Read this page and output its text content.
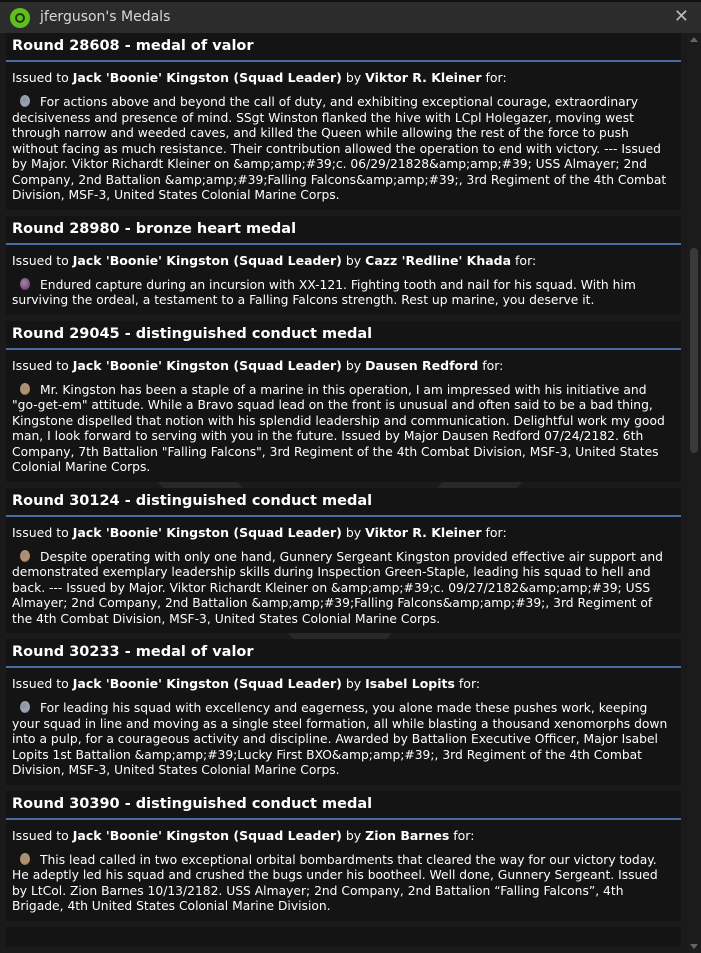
jferguson's Medals	✕
Round 28608 - medal of valor
Issued to Jack 'Boonie' Kingston (Squad Leader) by Viktor R. Kleiner for:
For actions above and beyond the call of duty, and exhibiting exceptional courage, extraordinary decisiveness and presence of mind. SSgt Winston flanked the hive with LCpl Holegazer, moving west through narrow and weeded caves, and killed the Queen while allowing the rest of the force to push without facing as much resistance. Their contribution allowed the operation to end with victory. --- Issued by Major. Viktor Richardt Kleiner on &amp;amp;#39;c. 06/29/21828&amp;amp;#39; USS Almayer; 2nd Company, 2nd Battalion &amp;amp;#39;Falling Falcons&amp;amp;#39;, 3rd Regiment of the 4th Combat Division, MSF-3, United States Colonial Marine Corps.
Round 28980 - bronze heart medal
Issued to Jack 'Boonie' Kingston (Squad Leader) by Cazz 'Redline' Khada for:
Endured capture during an incursion with XX-121. Fighting tooth and nail for his squad. With him surviving the ordeal, a testament to a Falling Falcons strength. Rest up marine, you deserve it.
Round 29045 - distinguished conduct medal
Issued to Jack 'Boonie' Kingston (Squad Leader) by Dausen Redford for:
Mr. Kingston has been a staple of a marine in this operation, I am impressed with his initiative and "go-get-em" attitude. While a Bravo squad lead on the front is unusual and often said to be a bad thing, Kingstone dispelled that notion with his splendid leadership and communication. Delightful work my good man, I look forward to serving with you in the future. Issued by Major Dausen Redford 07/24/2182. 6th Company, 7th Battalion "Falling Falcons", 3rd Regiment of the 4th Combat Division, MSF-3, United States Colonial Marine Corps.
Round 30124 - distinguished conduct medal
Issued to Jack 'Boonie' Kingston (Squad Leader) by Viktor R. Kleiner for:
Despite operating with only one hand, Gunnery Sergeant Kingston provided effective air support and demonstrated exemplary leadership skills during Inspection Green-Staple, leading his squad to hell and back. --- Issued by Major. Viktor Richardt Kleiner on &amp;amp;#39;c. 09/27/2182&amp;amp;#39; USS Almayer; 2nd Company, 2nd Battalion &amp;amp;#39;Falling Falcons&amp;amp;#39;, 3rd Regiment of the 4th Combat Division, MSF-3, United States Colonial Marine Corps.
Round 30233 - medal of valor
Issued to Jack 'Boonie' Kingston (Squad Leader) by Isabel Lopits for:
For leading his squad with excellency and eagerness, you alone made these pushes work, keeping your squad in line and moving as a single steel formation, all while blasting a thousand xenomorphs down into a pulp, for a courageous activity and discipline. Awarded by Battalion Executive Officer, Major Isabel Lopits 1st Battalion &amp;amp;#39;Lucky First BXO&amp;amp;#39;, 3rd Regiment of the 4th Combat Division, MSF-3, United States Colonial Marine Corps.
Round 30390 - distinguished conduct medal
Issued to Jack 'Boonie' Kingston (Squad Leader) by Zion Barnes for:
This lead called in two exceptional orbital bombardments that cleared the way for our victory today. He adeptly led his squad and crushed the bugs under his bootheel. Well done, Gunnery Sergeant. Issued by LtCol. Zion Barnes 10/13/2182. USS Almayer; 2nd Company, 2nd Battalion “Falling Falcons”, 4th Brigade, 4th United States Colonial Marine Division.
